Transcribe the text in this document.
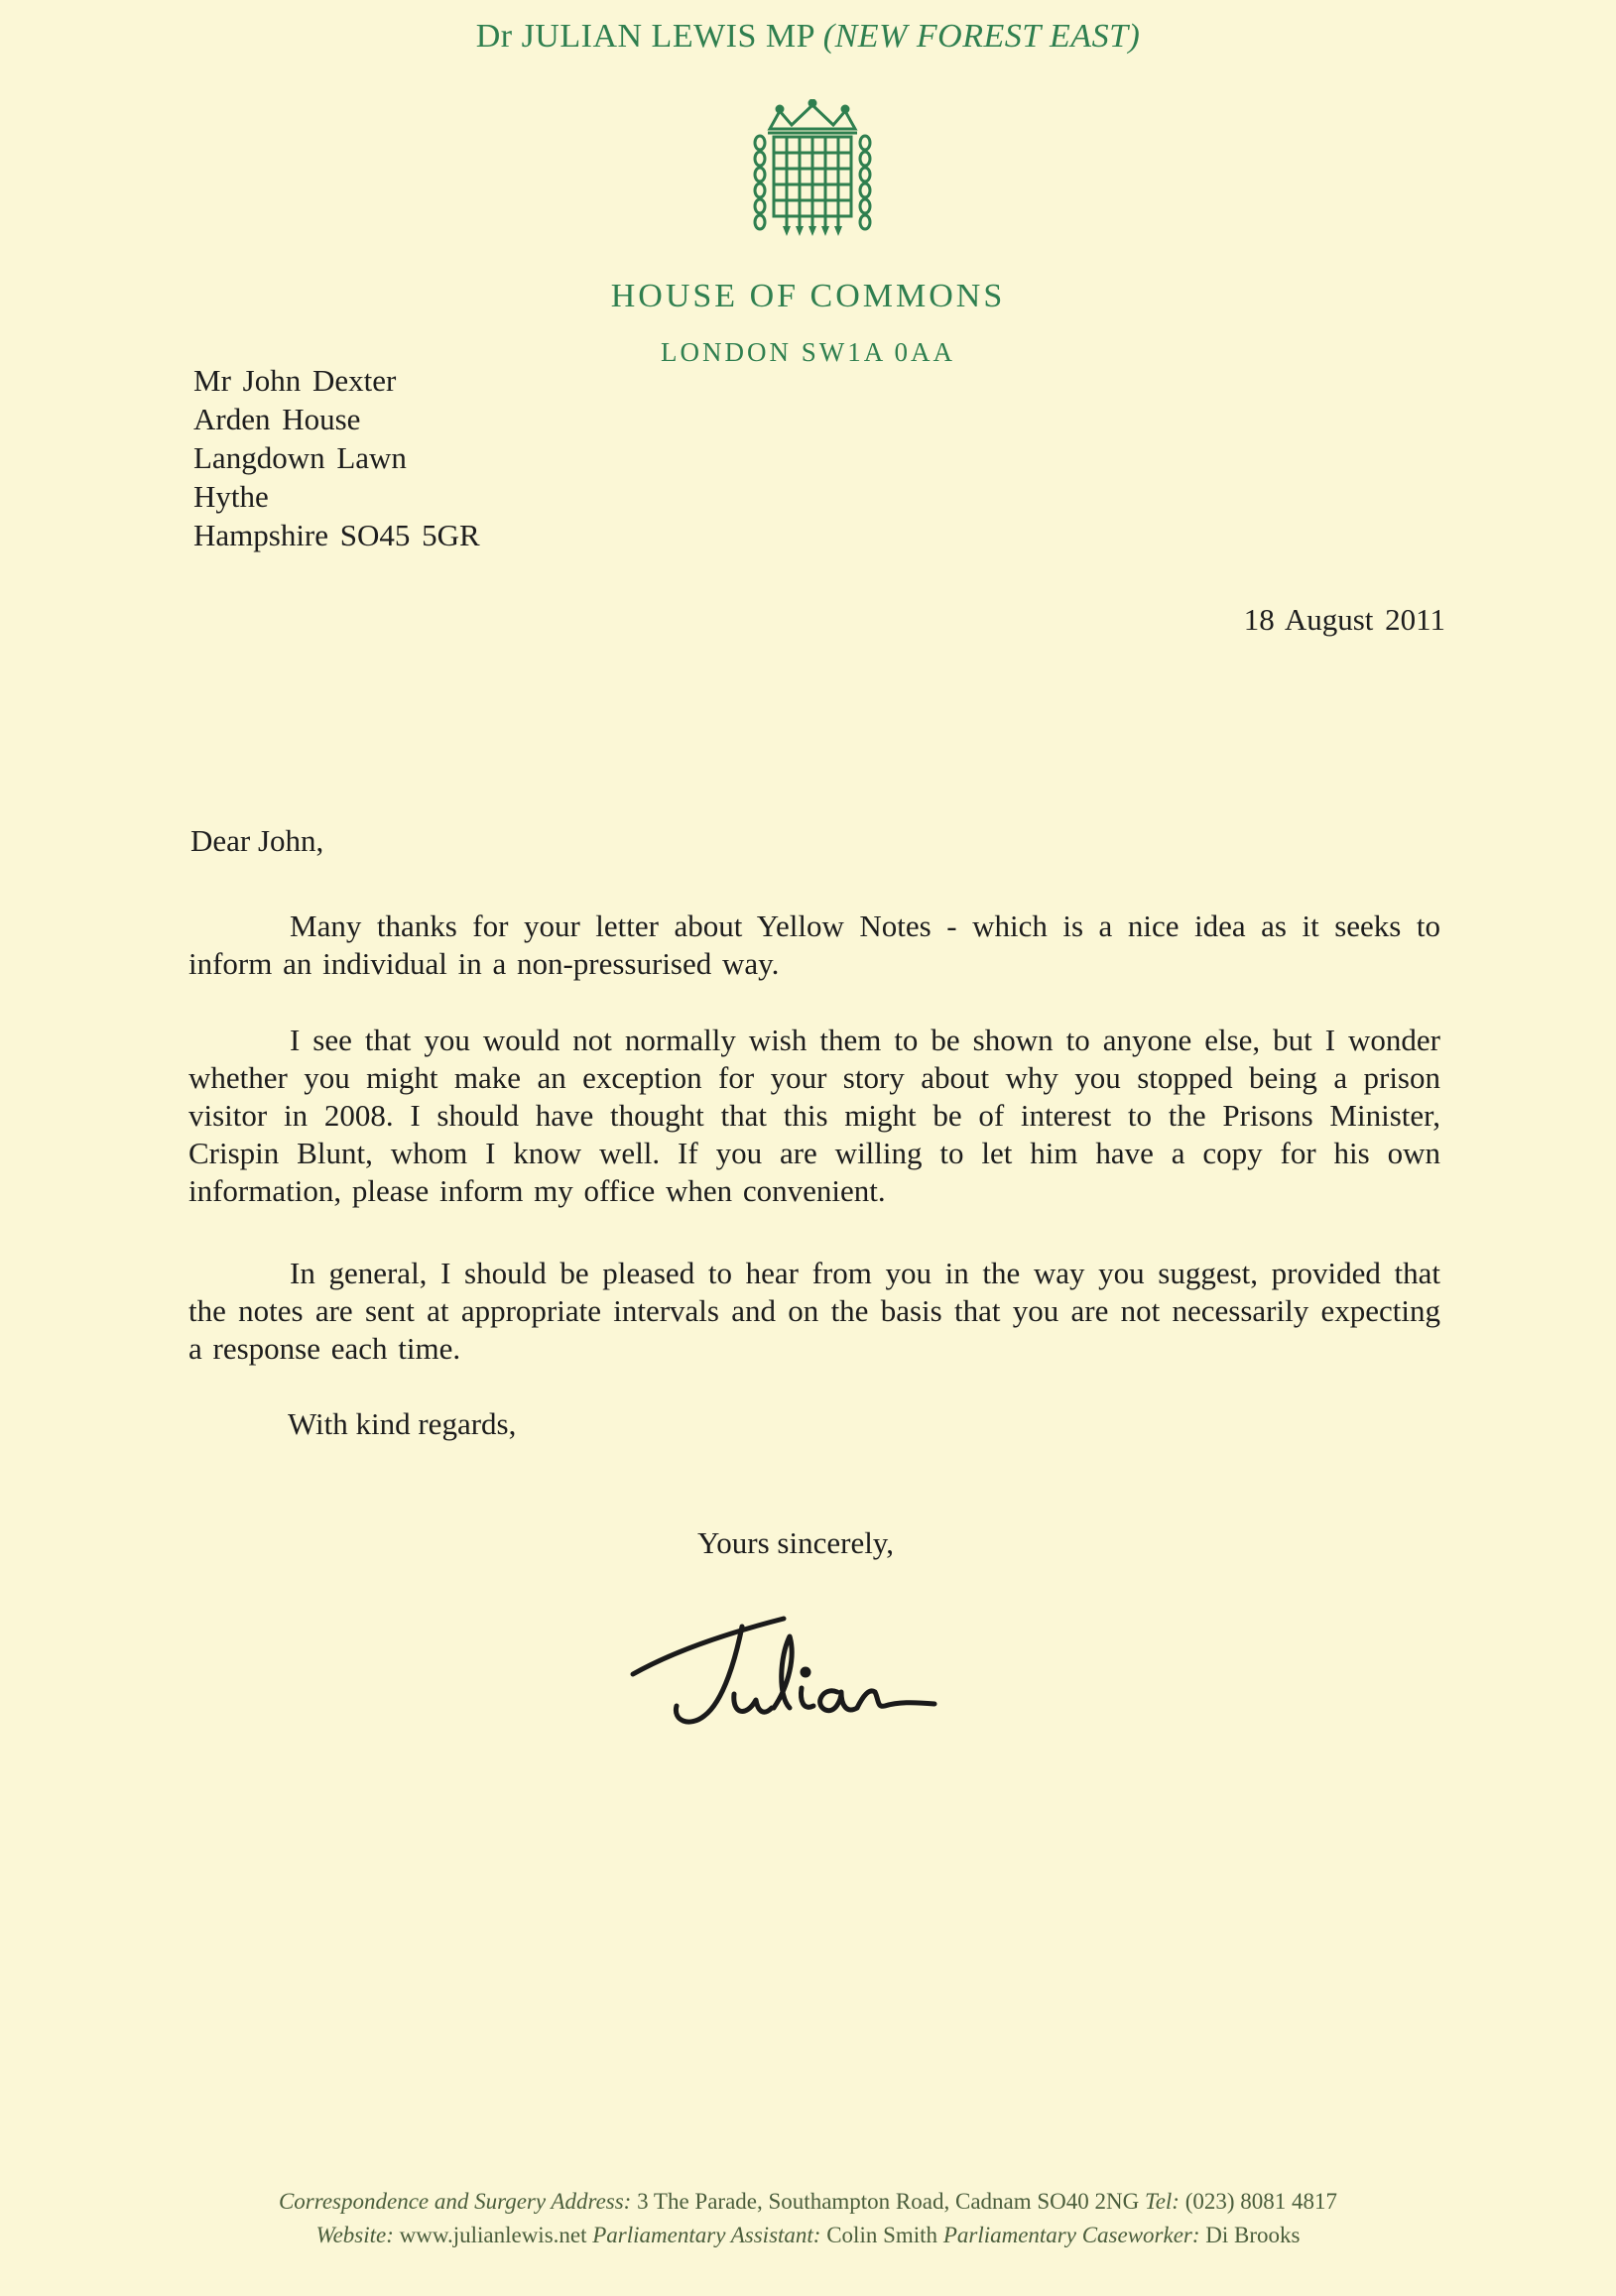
Dr JULIAN LEWIS MP (NEW FOREST EAST)
HOUSE OF COMMONS
LONDON SW1A 0AA
Mr John Dexter
Arden House
Langdown Lawn
Hythe
Hampshire SO45 5GR
18 August 2011
Dear John,
Many thanks for your letter about Yellow Notes - which is a nice idea as it seeks to inform an individual in a non-pressurised way.
I see that you would not normally wish them to be shown to anyone else, but I wonder whether you might make an exception for your story about why you stopped being a prison visitor in 2008. I should have thought that this might be of interest to the Prisons Minister, Crispin Blunt, whom I know well. If you are willing to let him have a copy for his own information, please inform my office when convenient.
In general, I should be pleased to hear from you in the way you suggest, provided that the notes are sent at appropriate intervals and on the basis that you are not necessarily expecting a response each time.
With kind regards,
Yours sincerely,
Correspondence and Surgery Address: 3 The Parade, Southampton Road, Cadnam SO40 2NG Tel: (023) 8081 4817
Website: www.julianlewis.net Parliamentary Assistant: Colin Smith Parliamentary Caseworker: Di Brooks
